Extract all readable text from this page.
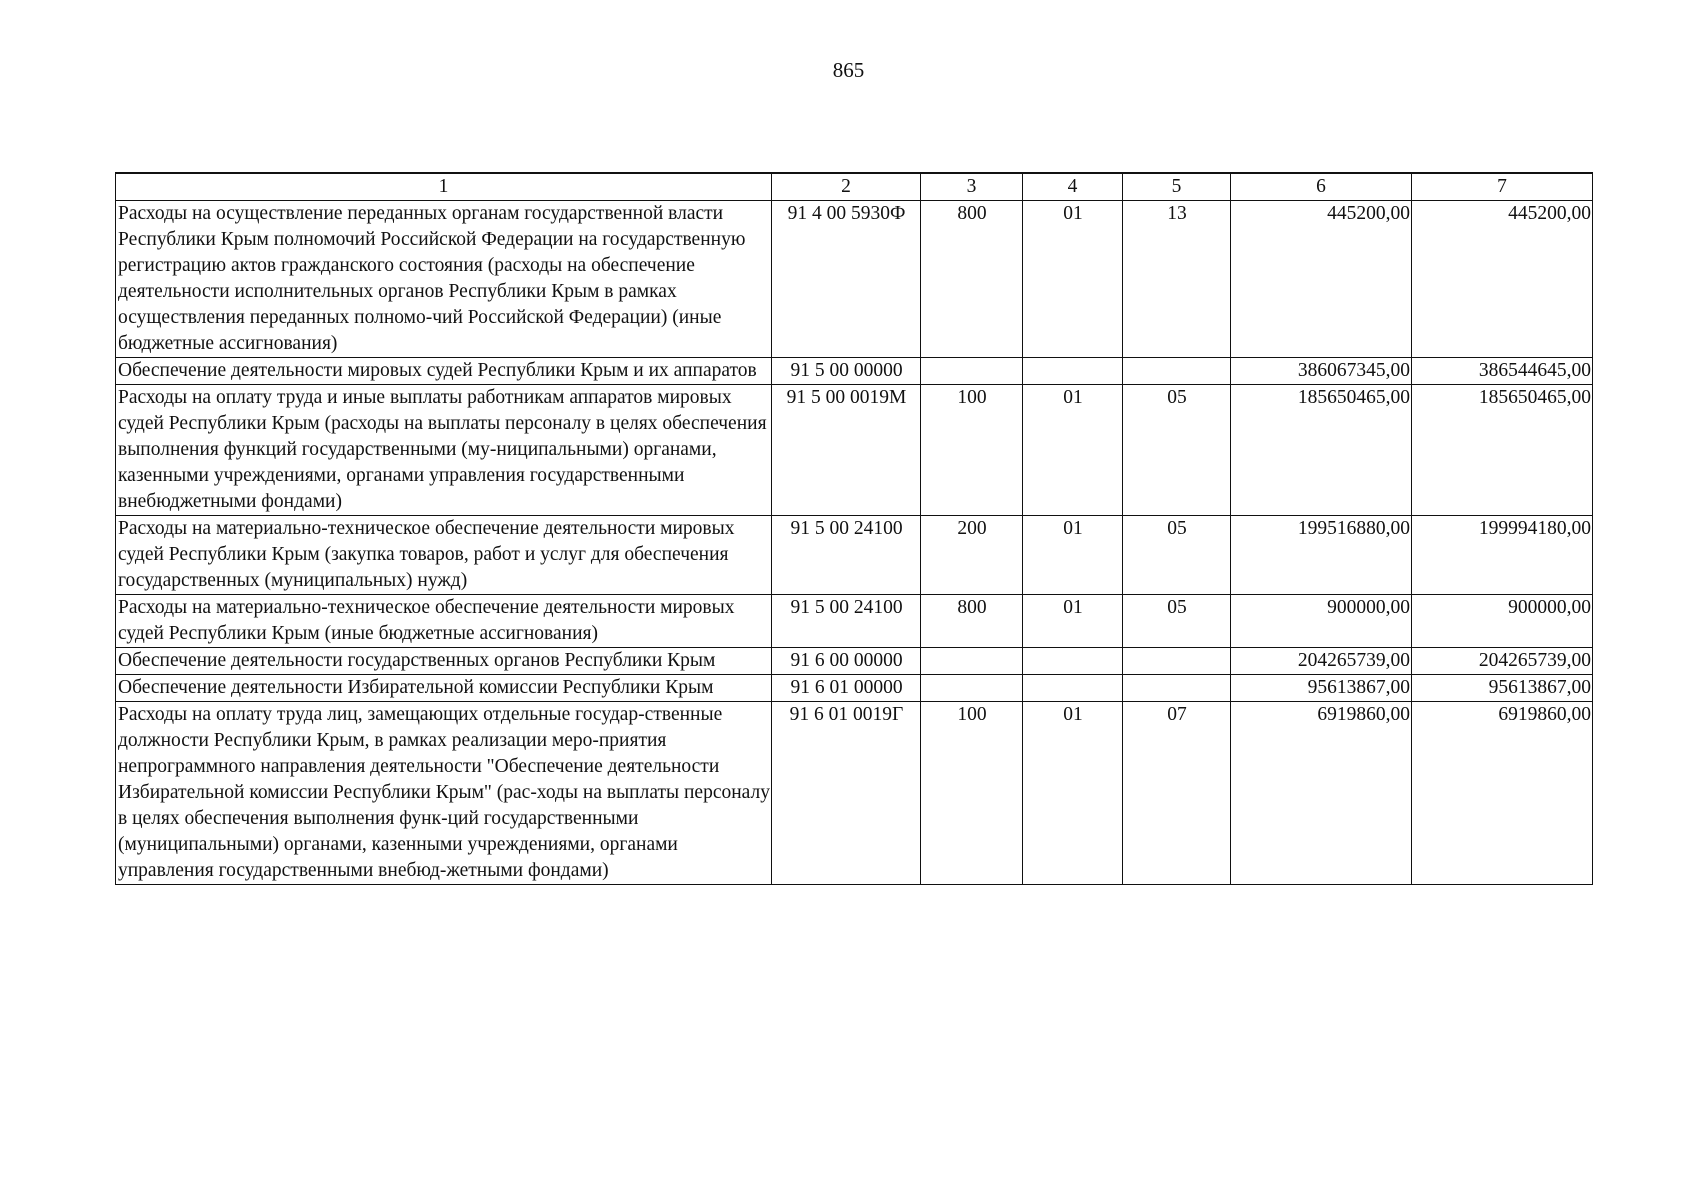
865
1	2	3	4	5	6	7
Расходы на осуществление переданных органам государственной власти Республики Крым полномочий Российской Федерации на государственную регистрацию актов гражданского состояния (расходы на обеспечение деятельности исполнительных органов Республики Крым в рамках осуществления переданных полномо-чий Российской Федерации) (иные бюджетные ассигнования)	91 4 00 5930Ф	800	01	13	445200,00	445200,00
Обеспечение деятельности мировых судей Республики Крым и их аппаратов	91 5 00 00000				386067345,00	386544645,00
Расходы на оплату труда и иные выплаты работникам аппаратов мировых судей Республики Крым (расходы на выплаты персоналу в целях обеспечения выполнения функций государственными (му-ниципальными) органами, казенными учреждениями, органами управления государственными внебюджетными фондами)	91 5 00 0019М	100	01	05	185650465,00	185650465,00
Расходы на материально-техническое обеспечение деятельности мировых судей Республики Крым (закупка товаров, работ и услуг для обеспечения государственных (муниципальных) нужд)	91 5 00 24100	200	01	05	199516880,00	199994180,00
Расходы на материально-техническое обеспечение деятельности мировых судей Республики Крым (иные бюджетные ассигнования)	91 5 00 24100	800	01	05	900000,00	900000,00
Обеспечение деятельности государственных органов Республики Крым	91 6 00 00000				204265739,00	204265739,00
Обеспечение деятельности Избирательной комиссии Республики Крым	91 6 01 00000				95613867,00	95613867,00
Расходы на оплату труда лиц, замещающих отдельные государ-ственные должности Республики Крым, в рамках реализации меро-приятия непрограммного направления деятельности "Обеспечение деятельности Избирательной комиссии Республики Крым" (рас-ходы на выплаты персоналу в целях обеспечения выполнения функ-ций государственными (муниципальными) органами, казенными учреждениями, органами управления государственными внебюд-жетными фондами)	91 6 01 0019Г	100	01	07	6919860,00	6919860,00
